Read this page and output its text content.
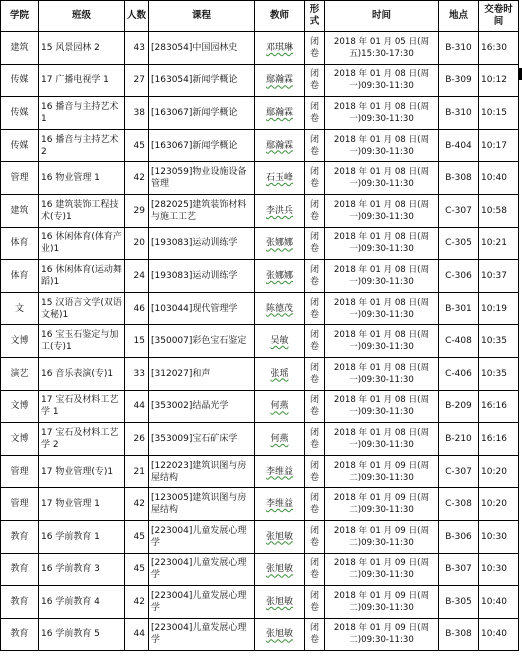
学院	班级	人数	课程	教师	形式	时间	地点	交卷时间
建筑	15 风景园林 2	43	[283054]中国园林史	邓琪琳	闭卷	2018 年 01 月 05 日(周五)15:30-17:30	B-310	16:30
传媒	17 广播电视学 1	27	[163054]新闻学概论	鄢瀚霖	闭卷	2018 年 01 月 08 日(周一)09:30-11:30	B-309	10:12
传媒	16 播音与主持艺术 1	38	[163067]新闻学概论	鄢瀚霖	闭卷	2018 年 01 月 08 日(周一)09:30-11:30	B-310	10:15
传媒	16 播音与主持艺术 2	45	[163067]新闻学概论	鄢瀚霖	闭卷	2018 年 01 月 08 日(周一)09:30-11:30	B-404	10:17
管理	16 物业管理 1	42	[123059]物业设施设备管理	石玉峰	闭卷	2018 年 01 月 08 日(周一)09:30-11:30	B-308	10:40
建筑	16 建筑装饰工程技术(专)1	29	[282025]建筑装饰材料与施工工艺	李洪兵	闭卷	2018 年 01 月 08 日(周一)09:30-11:30	C-307	10:58
体育	16 休闲体育(体育产业)1	20	[193083]运动训练学	张娜娜	闭卷	2018 年 01 月 08 日(周一)09:30-11:30	C-305	10:21
体育	16 休闲体育(运动舞蹈)1	24	[193083]运动训练学	张娜娜	闭卷	2018 年 01 月 08 日(周一)09:30-11:30	C-306	10:37
文	15 汉语言文学(双语文秘)1	46	[103044]现代管理学	陈德茂	闭卷	2018 年 01 月 08 日(周一)09:30-11:30	B-301	10:19
文博	16 宝玉石鉴定与加工(专)1	15	[350007]彩色宝石鉴定	吴敏	闭卷	2018 年 01 月 08 日(周一)09:30-11:30	C-408	10:35
演艺	16 音乐表演(专)1	33	[312027]和声	张瑶	闭卷	2018 年 01 月 08 日(周一)09:30-11:30	C-406	10:35
文博	17 宝石及材料工艺学 1	44	[353002]结晶光学	何燕	闭卷	2018 年 01 月 08 日(周一)09:30-11:30	B-209	16:16
文博	17 宝石及材料工艺学 2	26	[353009]宝石矿床学	何燕	闭卷	2018 年 01 月 08 日(周一)09:30-11:30	B-210	16:16
管理	17 物业管理(专)1	21	[122023]建筑识图与房屋结构	李维益	闭卷	2018 年 01 月 09 日(周二)09:30-11:30	C-307	10:20
管理	17 物业管理 1	42	[123005]建筑识图与房屋结构	李维益	闭卷	2018 年 01 月 09 日(周二)09:30-11:30	C-308	10:20
教育	16 学前教育 1	45	[223004]儿童发展心理学	张旭敏	闭卷	2018 年 01 月 09 日(周二)09:30-11:30	B-306	10:30
教育	16 学前教育 3	45	[223004]儿童发展心理学	张旭敏	闭卷	2018 年 01 月 09 日(周二)09:30-11:30	B-307	10:30
教育	16 学前教育 4	42	[223004]儿童发展心理学	张旭敏	闭卷	2018 年 01 月 09 日(周二)09:30-11:30	B-305	10:40
教育	16 学前教育 5	44	[223004]儿童发展心理学	张旭敏	闭卷	2018 年 01 月 09 日(周二)09:30-11:30	B-308	10:40
